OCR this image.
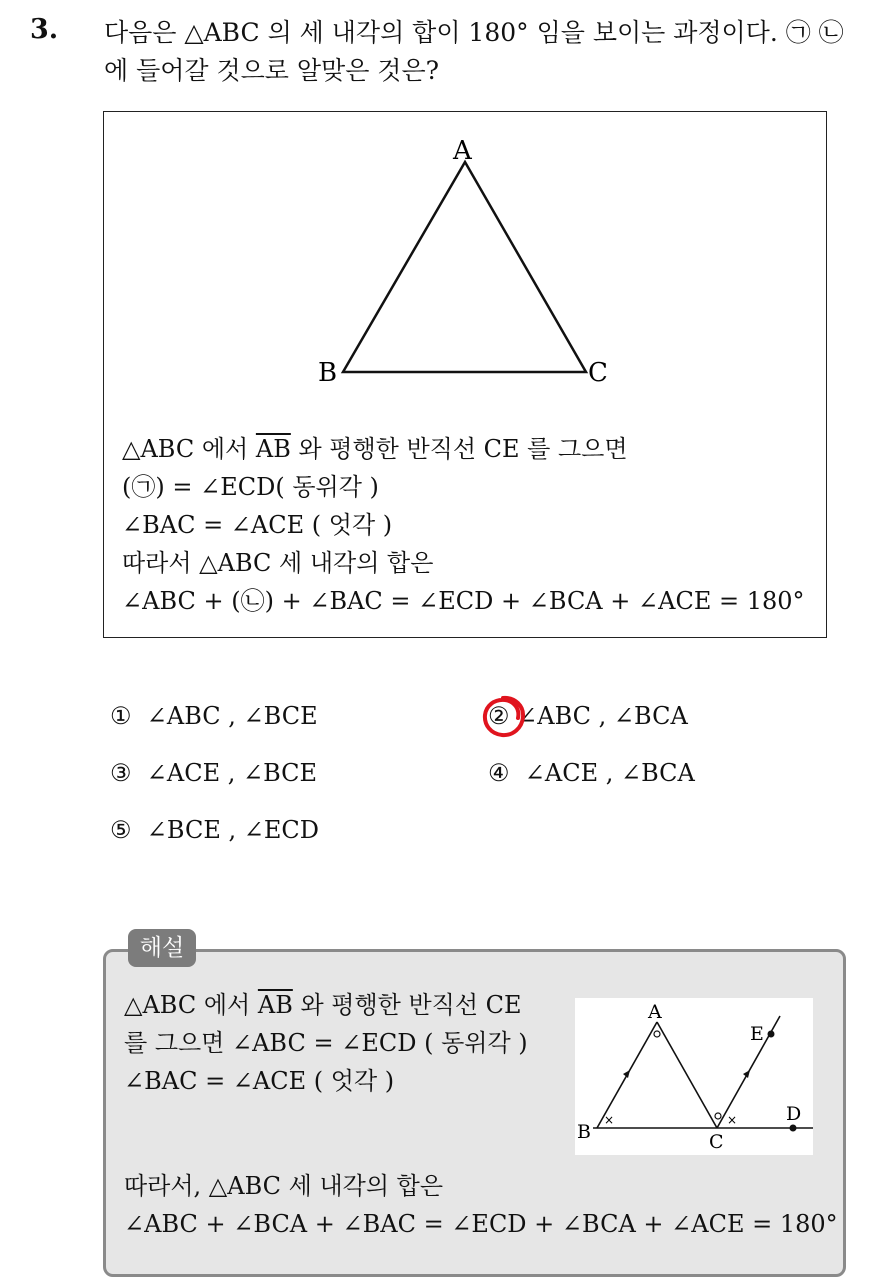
3. 다음은 △ABC 의 세 내각의 합이 180° 임을 보이는 과정이다. ㉠ ㉡
에 들어갈 것으로 알맞은 것은?
A
B	C
△ABC 에서 $\overline{AB}$ 와 평행한 반직선 CE 를 그으면
(㉠) = ∠ECD( 동위각 )
∠BAC = ∠ACE ( 엇각 )
따라서 △ABC 세 내각의 합은
∠ABC + (㉡) + ∠BAC = ∠ECD + ∠BCA + ∠ACE = 180°
① ∠ABC , ∠BCE	② ∠ABC , ∠BCA
③ ∠ACE , ∠BCE	④ ∠ACE , ∠BCA
⑤ ∠BCE , ∠ECD
해설
△ABC 에서 $\overline{AB}$ 와 평행한 반직선 CE
를 그으면 ∠ABC = ∠ECD ( 동위각 )
∠BAC = ∠ACE ( 엇각 )
×	×
A
B	C
D
E
따라서, △ABC 세 내각의 합은
∠ABC + ∠BCA + ∠BAC = ∠ECD + ∠BCA + ∠ACE = 180°
